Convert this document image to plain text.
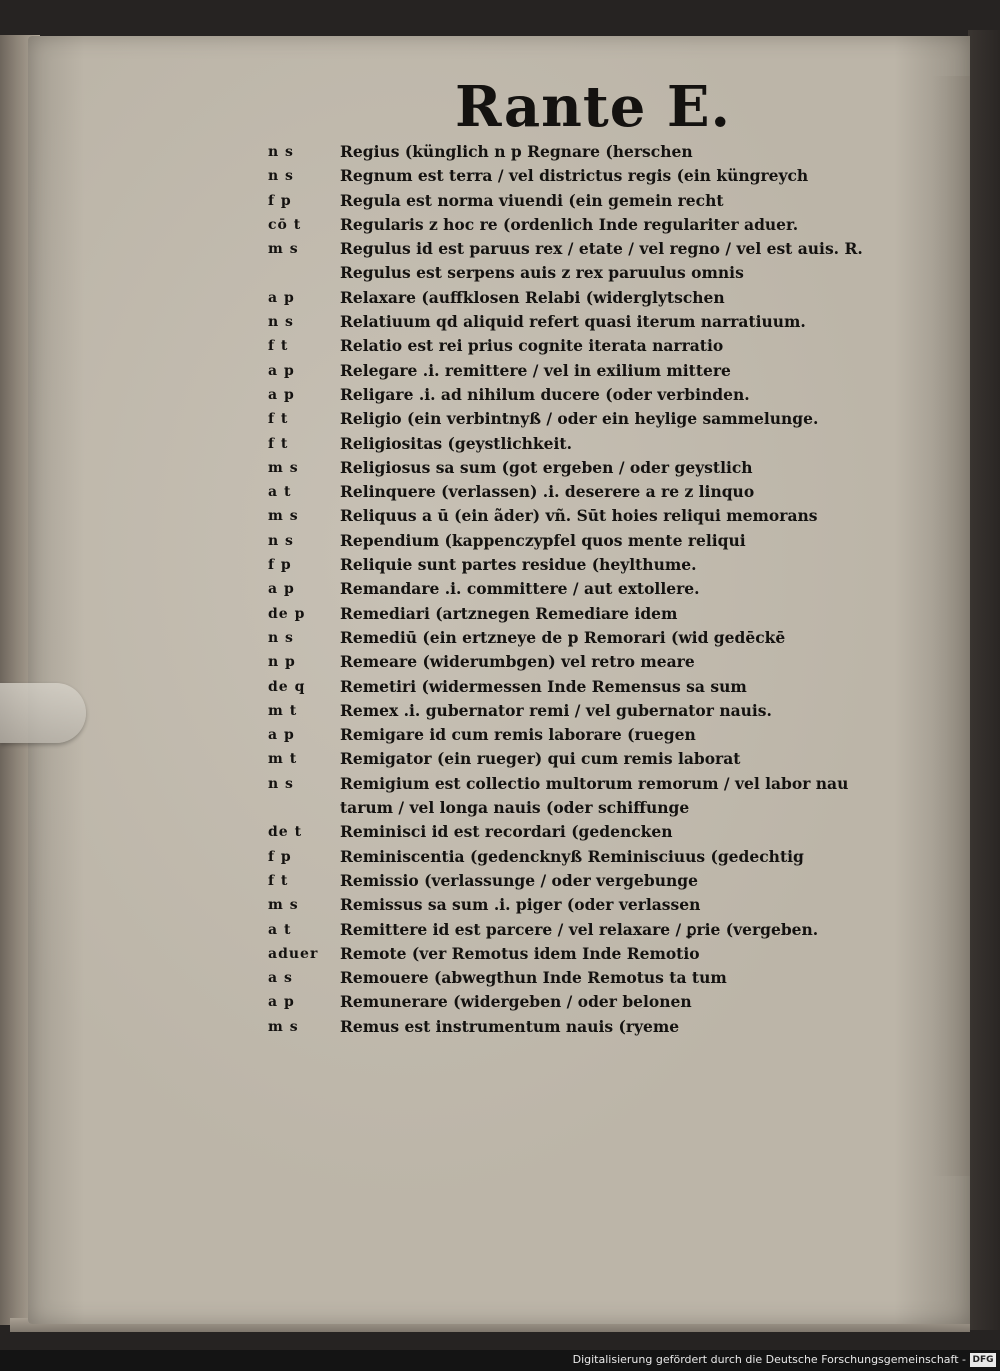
Rante E.
n s	Regius (künglich n p Regnare (herschen
n s	Regnum est terra / vel districtus regis (ein küngreych
f p	Regula est norma viuendi (ein gemein recht
cō t	Regularis z hoc re (ordenlich Inde regulariter aduer.
m s	Regulus id est paruus rex / etate / vel regno / vel est auis. R.
Regulus est serpens auis z rex paruulus omnis
a p	Relaxare (auffklosen Relabi (widerglytschen
n s	Relatiuum qd aliquid refert quasi iterum narratiuum.
f t	Relatio est rei prius cognite iterata narratio
a p	Relegare .i. remittere / vel in exilium mittere
a p	Religare .i. ad nihilum ducere (oder verbinden.
f t	Religio (ein verbintnyß / oder ein heylige sammelunge.
f t	Religiositas (geystlichkeit.
m s	Religiosus sa sum (got ergeben / oder geystlich
a t	Relinquere (verlassen) .i. deserere a re z linquo
m s	Reliquus a ū (ein ãder) vñ. Sūt hoies reliqui memorans
n s	Rependium (kappenczypfel quos mente reliqui
f p	Reliquie sunt partes residue (heylthume.
a p	Remandare .i. committere / aut extollere.
de p	Remediari (artznegen Remediare idem
n s	Remediū (ein ertzneye de p Remorari (wid gedēckē
n p	Remeare (widerumbgen) vel retro meare
de q	Remetiri (widermessen Inde Remensus sa sum
m t	Remex .i. gubernator remi / vel gubernator nauis.
a p	Remigare id cum remis laborare (ruegen
m t	Remigator (ein rueger) qui cum remis laborat
n s	Remigium est collectio multorum remorum / vel labor nau
tarum / vel longa nauis (oder schiffunge
de t	Reminisci id est recordari (gedencken
f p	Reminiscentia (gedencknyß Reminisciuus (gedechtig
f t	Remissio (verlassunge / oder vergebunge
m s	Remissus sa sum .i. piger (oder verlassen
a t	Remittere id est parcere / vel relaxare / ꝑrie (vergeben.
aduer	Remote (ver Remotus idem Inde Remotio
a s	Remouere (abwegthun Inde Remotus ta tum
a p	Remunerare (widergeben / oder belonen
m s	Remus est instrumentum nauis (ryeme
Digitalisierung gefördert durch die Deutsche Forschungsgemeinschaft - DFG
